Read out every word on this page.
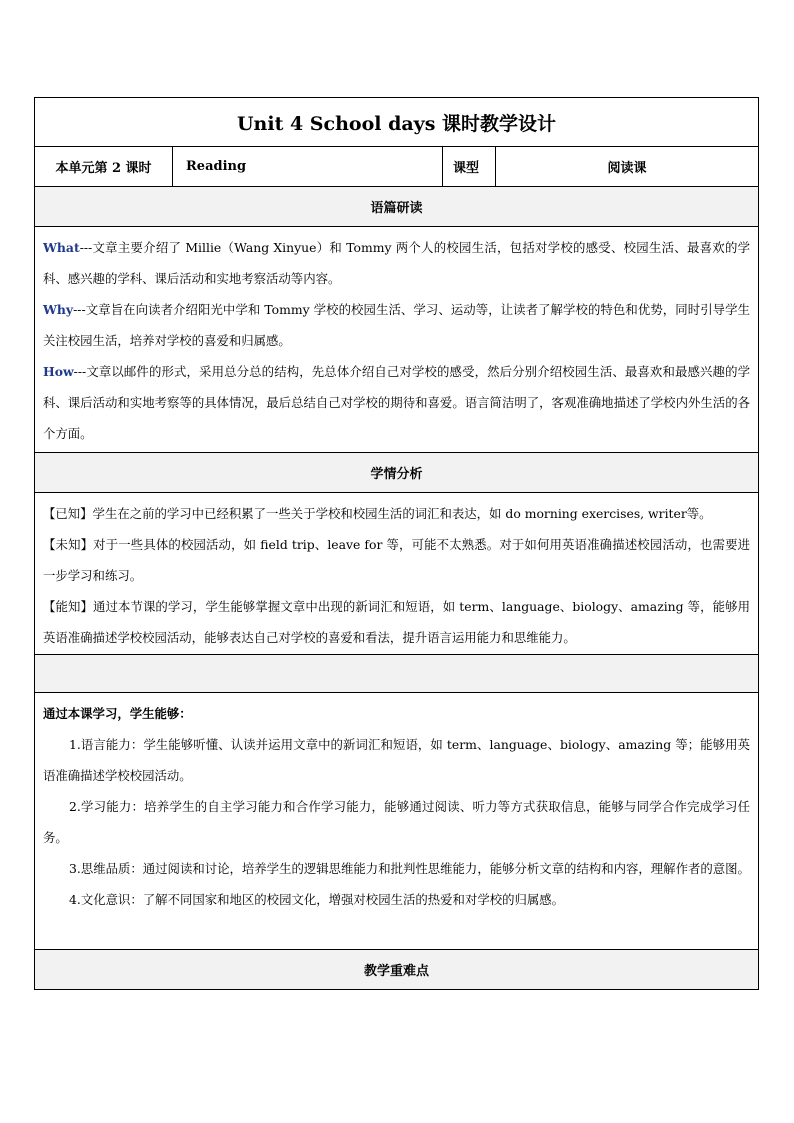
Unit 4 School days 课时教学设计
本单元第 2 课时	Reading	课型	阅读课
语篇研读

What---文章主要介绍了 Millie（Wang Xinyue）和 Tommy 两个人的校园生活，包括对学校的感受、校园生活、最喜欢的学科、感兴趣的学科、课后活动和实地考察活动等内容。

Why---文章旨在向读者介绍阳光中学和 Tommy 学校的校园生活、学习、运动等，让读者了解学校的特色和优势，同时引导学生关注校园生活，培养对学校的喜爱和归属感。

How---文章以邮件的形式，采用总分总的结构，先总体介绍自己对学校的感受，然后分别介绍校园生活、最喜欢和最感兴趣的学科、课后活动和实地考察等的具体情况，最后总结自己对学校的期待和喜爱。语言简洁明了，客观准确地描述了学校内外生活的各个方面。

学情分析

【已知】学生在之前的学习中已经积累了一些关于学校和校园生活的词汇和表达，如 do morning exercises, writer等。

【未知】对于一些具体的校园活动，如 field trip、leave for 等，可能不太熟悉。对于如何用英语准确描述校园活动，也需要进一步学习和练习。

【能知】通过本节课的学习，学生能够掌握文章中出现的新词汇和短语，如 term、language、biology、amazing 等，能够用英语准确描述学校校园活动，能够表达自己对学校的喜爱和看法，提升语言运用能力和思维能力。

通过本课学习，学生能够：

1.语言能力：学生能够听懂、认读并运用文章中的新词汇和短语，如 term、language、biology、amazing 等；能够用英语准确描述学校校园活动。

2.学习能力：培养学生的自主学习能力和合作学习能力，能够通过阅读、听力等方式获取信息，能够与同学合作完成学习任务。

3.思维品质：通过阅读和讨论，培养学生的逻辑思维能力和批判性思维能力，能够分析文章的结构和内容，理解作者的意图。

4.文化意识：了解不同国家和地区的校园文化，增强对校园生活的热爱和对学校的归属感。

教学重难点
